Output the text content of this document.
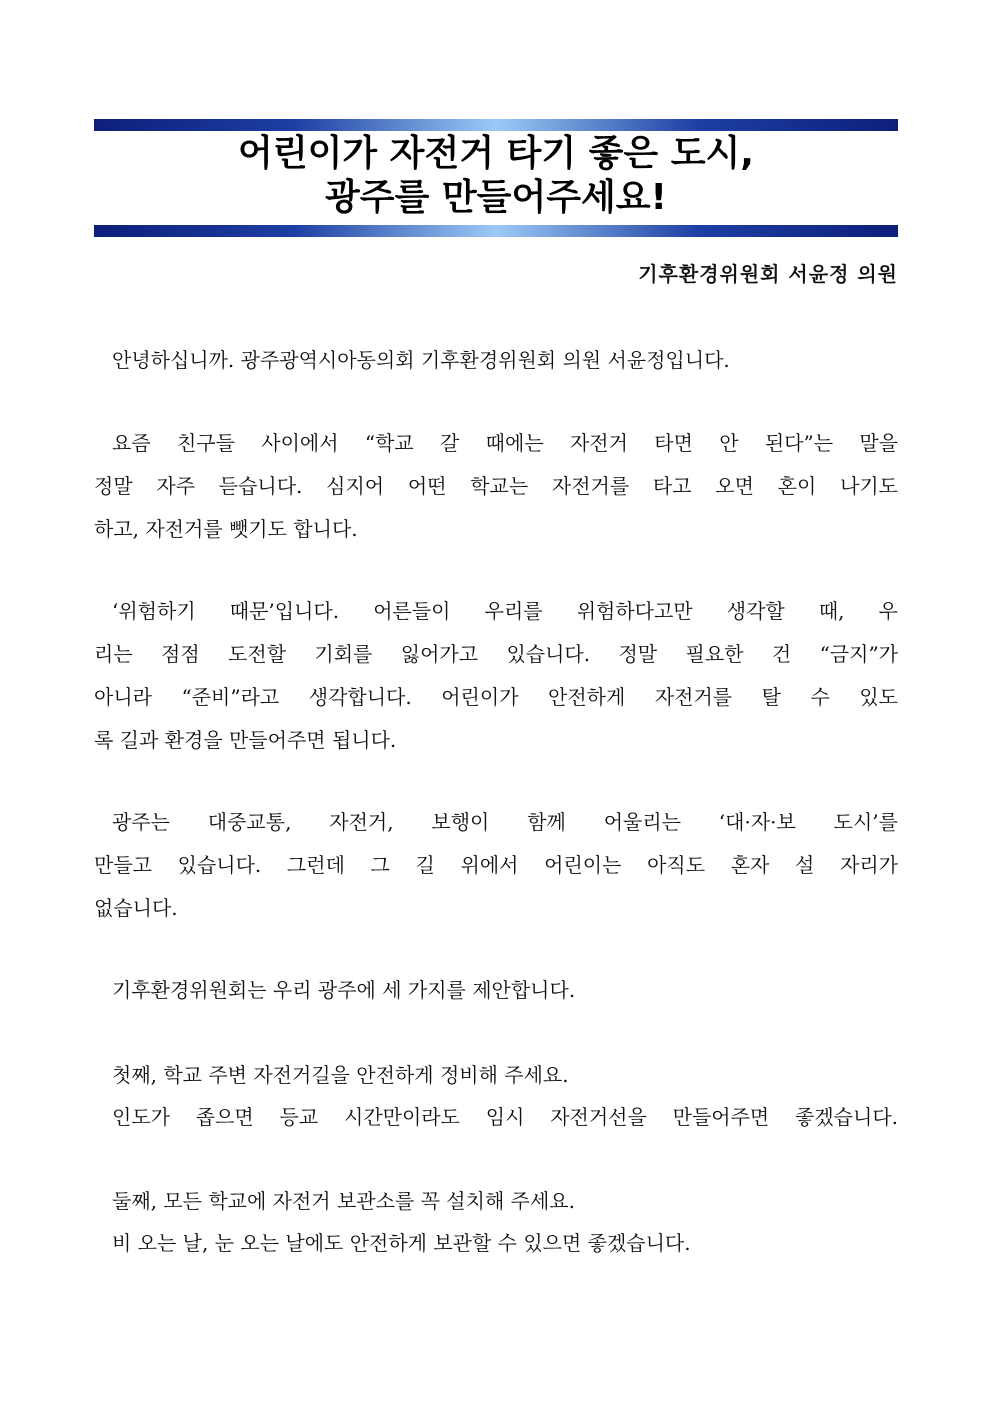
어린이가 자전거 타기 좋은 도시,
광주를 만들어주세요!
기후환경위원회 서윤정 의원
안녕하십니까. 광주광역시아동의회 기후환경위원회 의원 서윤정입니다.
요즘 친구들 사이에서 “학교 갈 때에는 자전거 타면 안 된다”는 말을
정말 자주 듣습니다. 심지어 어떤 학교는 자전거를 타고 오면 혼이 나기도
하고, 자전거를 뺏기도 합니다.
‘위험하기 때문’입니다. 어른들이 우리를 위험하다고만 생각할 때, 우
리는 점점 도전할 기회를 잃어가고 있습니다. 정말 필요한 건 “금지”가
아니라 “준비”라고 생각합니다. 어린이가 안전하게 자전거를 탈 수 있도
록 길과 환경을 만들어주면 됩니다.
광주는 대중교통, 자전거, 보행이 함께 어울리는 ‘대·자·보 도시’를
만들고 있습니다. 그런데 그 길 위에서 어린이는 아직도 혼자 설 자리가
없습니다.
기후환경위원회는 우리 광주에 세 가지를 제안합니다.
첫째, 학교 주변 자전거길을 안전하게 정비해 주세요.
인도가 좁으면 등교 시간만이라도 임시 자전거선을 만들어주면 좋겠습니다.
둘째, 모든 학교에 자전거 보관소를 꼭 설치해 주세요.
비 오는 날, 눈 오는 날에도 안전하게 보관할 수 있으면 좋겠습니다.
